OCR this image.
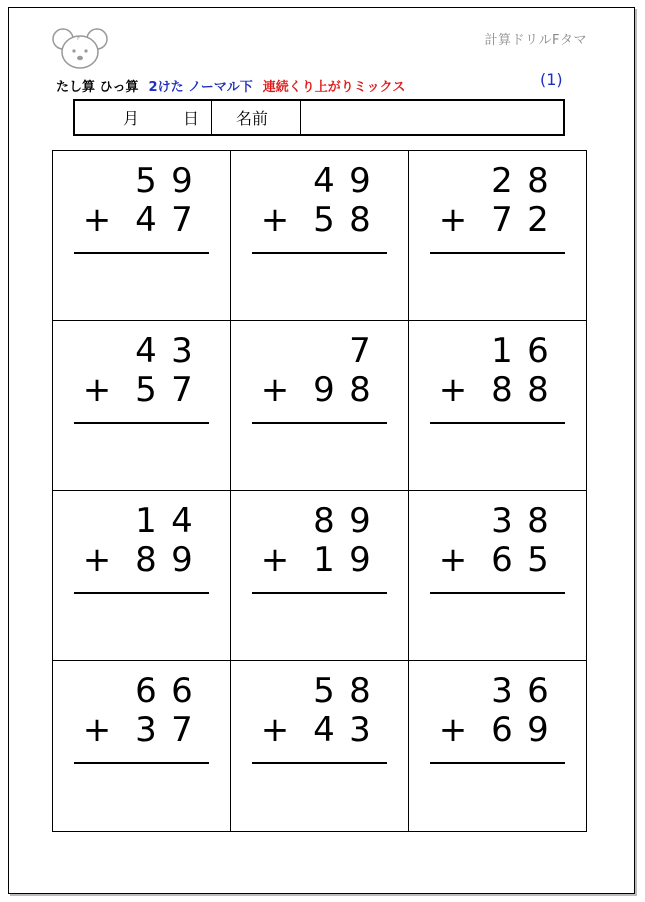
F	計算ドリルFタマ
たし算 ひっ算 2けた ノーマル下 連続くり上がりミックス	(1)
月	日	名前
5 9
+ 4 7
4 9
+ 5 8
2 8
+ 7 2
4 3
+ 5 7
7
+ 9 8
1 6
+ 8 8
1 4
+ 8 9
8 9
+ 1 9
3 8
+ 6 5
6 6
+ 3 7
5 8
+ 4 3
3 6
+ 6 9
